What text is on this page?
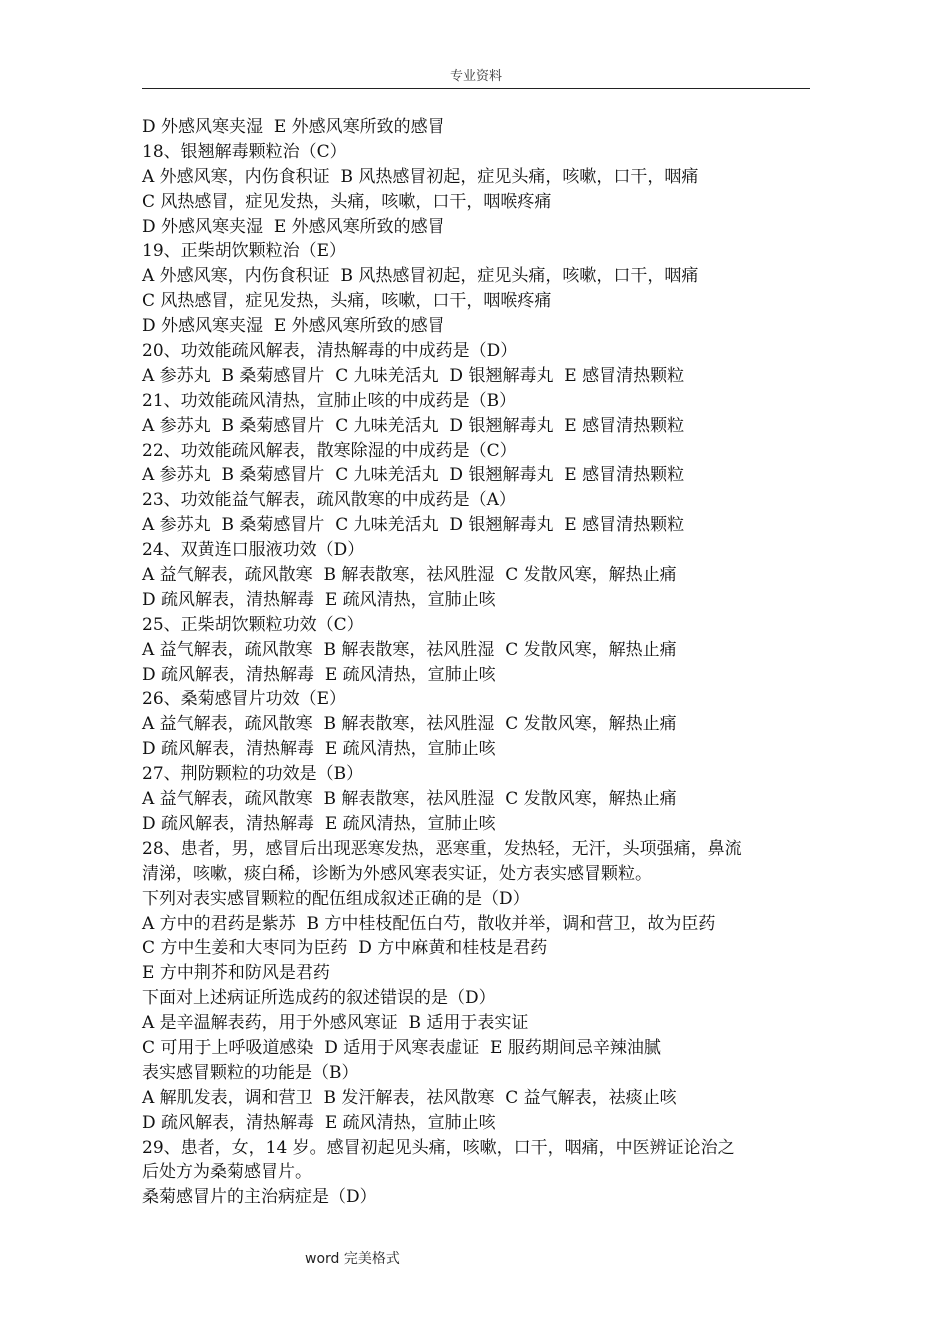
专业资料
D 外感风寒夹湿  E 外感风寒所致的感冒
18、银翘解毒颗粒治（C）
A 外感风寒，内伤食积证  B 风热感冒初起，症见头痛，咳嗽，口干，咽痛
C 风热感冒，症见发热，头痛，咳嗽，口干，咽喉疼痛
D 外感风寒夹湿  E 外感风寒所致的感冒
19、正柴胡饮颗粒治（E）
A 外感风寒，内伤食积证  B 风热感冒初起，症见头痛，咳嗽，口干，咽痛
C 风热感冒，症见发热，头痛，咳嗽，口干，咽喉疼痛
D 外感风寒夹湿  E 外感风寒所致的感冒
20、功效能疏风解表，清热解毒的中成药是（D）
A 参苏丸  B 桑菊感冒片  C 九味羌活丸  D 银翘解毒丸  E 感冒清热颗粒
21、功效能疏风清热，宣肺止咳的中成药是（B）
A 参苏丸  B 桑菊感冒片  C 九味羌活丸  D 银翘解毒丸  E 感冒清热颗粒
22、功效能疏风解表，散寒除湿的中成药是（C）
A 参苏丸  B 桑菊感冒片  C 九味羌活丸  D 银翘解毒丸  E 感冒清热颗粒
23、功效能益气解表，疏风散寒的中成药是（A）
A 参苏丸  B 桑菊感冒片  C 九味羌活丸  D 银翘解毒丸  E 感冒清热颗粒
24、双黄连口服液功效（D）
A 益气解表，疏风散寒  B 解表散寒，祛风胜湿  C 发散风寒，解热止痛
D 疏风解表，清热解毒  E 疏风清热，宣肺止咳
25、正柴胡饮颗粒功效（C）
A 益气解表，疏风散寒  B 解表散寒，祛风胜湿  C 发散风寒，解热止痛
D 疏风解表，清热解毒  E 疏风清热，宣肺止咳
26、桑菊感冒片功效（E）
A 益气解表，疏风散寒  B 解表散寒，祛风胜湿  C 发散风寒，解热止痛
D 疏风解表，清热解毒  E 疏风清热，宣肺止咳
27、荆防颗粒的功效是（B）
A 益气解表，疏风散寒  B 解表散寒，祛风胜湿  C 发散风寒，解热止痛
D 疏风解表，清热解毒  E 疏风清热，宣肺止咳
28、患者，男，感冒后出现恶寒发热，恶寒重，发热轻，无汗，头项强痛，鼻流
清涕，咳嗽，痰白稀，诊断为外感风寒表实证，处方表实感冒颗粒。
下列对表实感冒颗粒的配伍组成叙述正确的是（D）
A 方中的君药是紫苏  B 方中桂枝配伍白芍，散收并举，调和营卫，故为臣药
C 方中生姜和大枣同为臣药  D 方中麻黄和桂枝是君药
E 方中荆芥和防风是君药
下面对上述病证所选成药的叙述错误的是（D）
A 是辛温解表药，用于外感风寒证  B 适用于表实证
C 可用于上呼吸道感染  D 适用于风寒表虚证  E 服药期间忌辛辣油腻
表实感冒颗粒的功能是（B）
A 解肌发表，调和营卫  B 发汗解表，祛风散寒  C 益气解表，祛痰止咳
D 疏风解表，清热解毒  E 疏风清热，宣肺止咳
29、患者，女，14 岁。感冒初起见头痛，咳嗽，口干，咽痛，中医辨证论治之
后处方为桑菊感冒片。
桑菊感冒片的主治病症是（D）
word 完美格式
